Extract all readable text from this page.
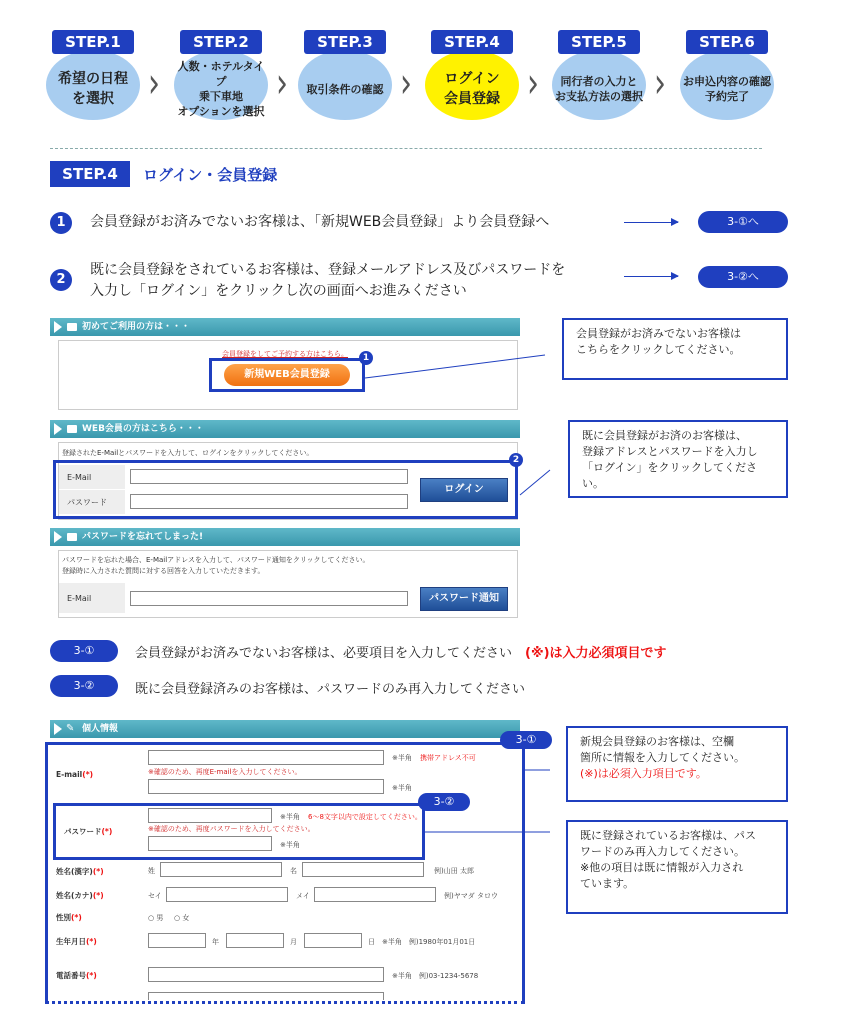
STEP.1
希望の日程
を選択	›
STEP.2
人数・ホテルタイプ
乗下車地
オプションを選択
›
STEP.3
取引条件の確認 ›
STEP.4
ログイン
会員登録 ›
STEP.5
同行者の入力と
お支払方法の選択 ›
STEP.6
お申込内容の確認
予約完了
STEP.4	ログイン・会員登録
1	会員登録がお済みでないお客様は、「新規WEB会員登録」より会員登録へ	3-①へ
2
既に会員登録をされているお客様は、登録メールアドレス及びパスワードを
入力し「ログイン」をクリックし次の画面へお進みください
3-②へ
初めてご利用の方は・・・
会員登録をしてご予約する方はこちら。
新規WEB会員登録
1
WEB会員の方はこちら・・・
登録されたE-Mailとパスワードを入力して、ログインをクリックしてください。
E-Mail
パスワード
ログイン
2
パスワードを忘れてしまった!
パスワードを忘れた場合、E-Mailアドレスを入力して、パスワード通知をクリックしてください。
登録時に入力された質問に対する回答を入力していただきます。
E-Mail	パスワード通知
会員登録がお済みでないお客様は
こちらをクリックしてください。
既に会員登録がお済のお客様は、
登録アドレスとパスワードを入力し
「ログイン」をクリックしてください。
3-①	会員登録がお済みでないお客様は、必要項目を入力してください　 (※)は入力必須項目です
3-②	既に会員登録済みのお客様は、パスワードのみ再入力してください
✎ 個人情報
3-①
E-mail (*)
※半角 携帯アドレス不可
※確認のため、再度E-mailを入力してください。
※半角
3-②
パスワード (*)
※半角 6～8文字以内で設定してください。
※確認のため、再度パスワードを入力してください。
※半角
姓名(漢字) (*)	姓	名	例)山田 太郎
姓名(カナ) (*)	セイ	メイ	例)ヤマダ タロウ
性別 (*)	○ 男 ○ 女
生年月日 (*)	年	月	日 ※半角　例)1980年01月01日
電話番号 (*)	※半角　例)03-1234-5678
新規会員登録のお客様は、空欄
箇所に情報を入力してください。
(※)は必須入力項目です。
既に登録されているお客様は、パス
ワードのみ再入力してください。
※他の項目は既に情報が入力され
ています。
